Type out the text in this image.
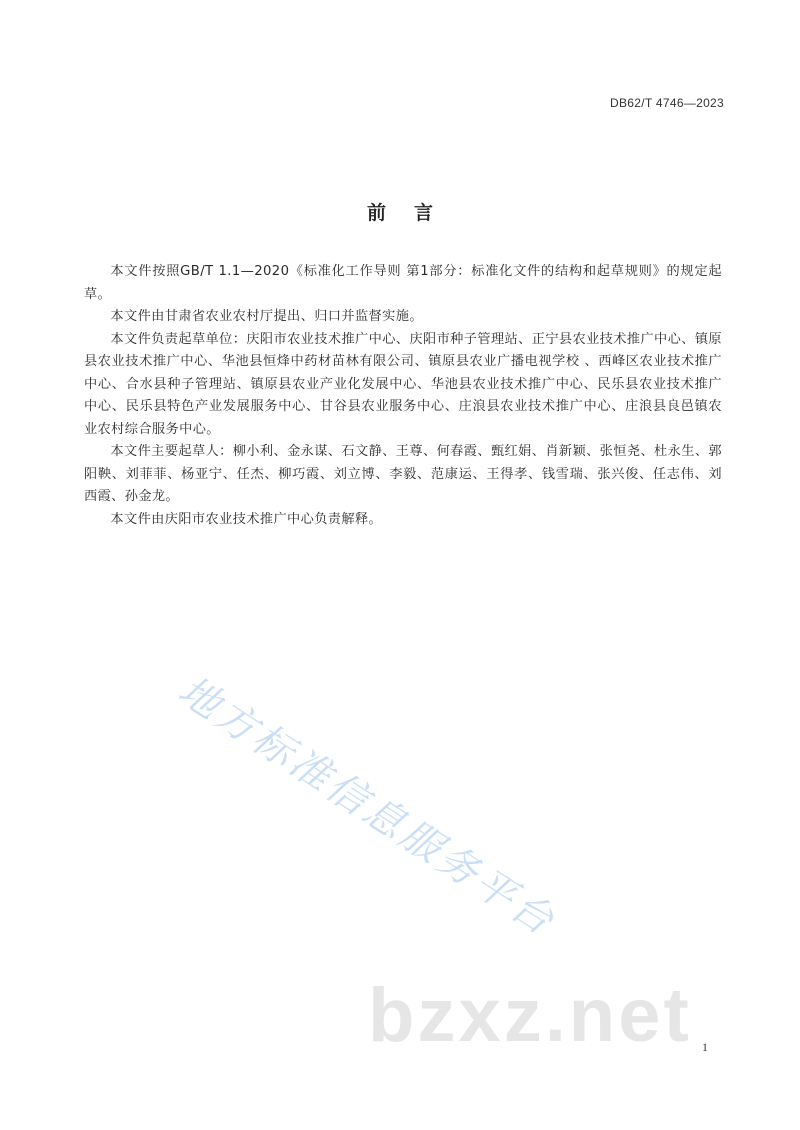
DB62/T 4746—2023
前言

本文件按照GB/T 1.1—2020《标准化工作导则 第1部分：标准化文件的结构和起草规则》的规定起草。

本文件由甘肃省农业农村厅提出、归口并监督实施。

本文件负责起草单位：庆阳市农业技术推广中心、庆阳市种子管理站、正宁县农业技术推广中心、镇原县农业技术推广中心、华池县恒烽中药材苗林有限公司、镇原县农业广播电视学校 、西峰区农业技术推广中心、合水县种子管理站、镇原县农业产业化发展中心、华池县农业技术推广中心、民乐县农业技术推广中心、民乐县特色产业发展服务中心、甘谷县农业服务中心、庄浪县农业技术推广中心、庄浪县良邑镇农业农村综合服务中心。

本文件主要起草人：柳小利、金永谋、石文静、王尊、何春霞、甄红娟、肖新颖、张恒尧、杜永生、郭阳鞅、刘菲菲、杨亚宁、任杰、柳巧霞、刘立博、李毅、范康运、王得孝、钱雪瑞、张兴俊、任志伟、刘西霞、孙金龙。

本文件由庆阳市农业技术推广中心负责解释。

地方标准信息服务平台
bzxz.net 1
